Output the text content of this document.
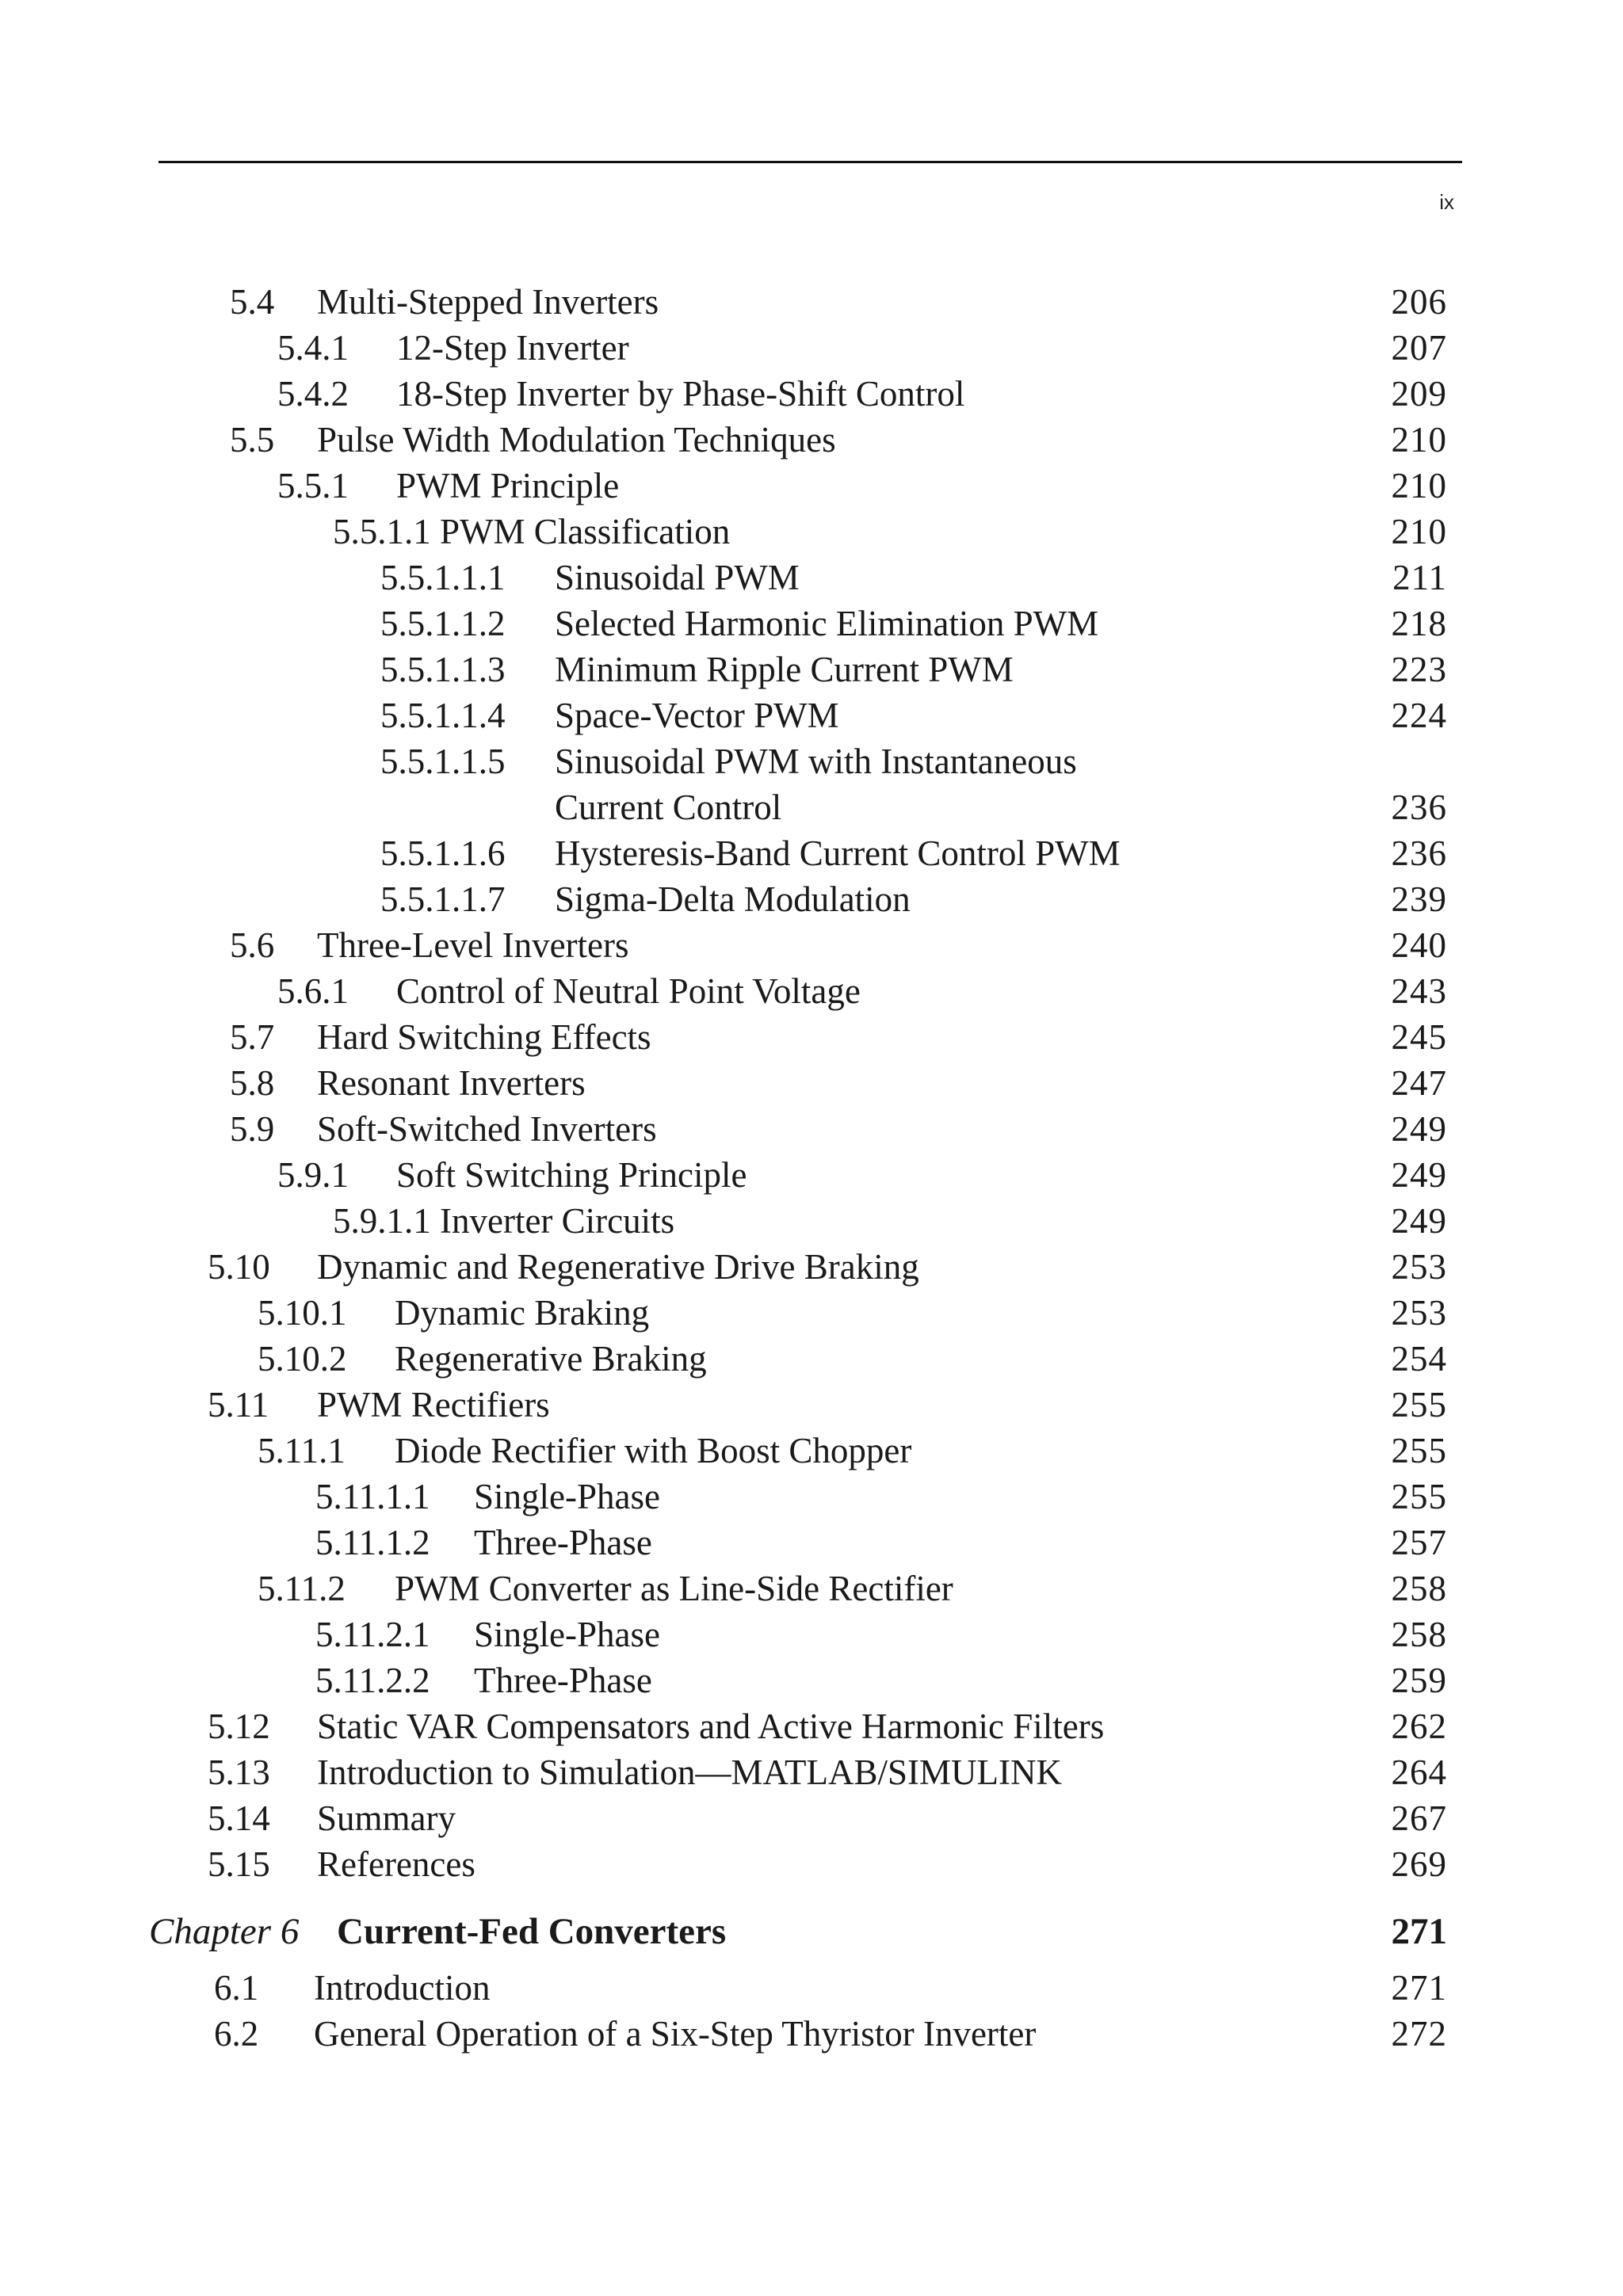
ix
5.4 Multi-Stepped Inverters	206
5.4.1 12-Step Inverter	207
5.4.2 18-Step Inverter by Phase-Shift Control	209
5.5 Pulse Width Modulation Techniques	210
5.5.1 PWM Principle	210
5.5.1.1 PWM Classification	210
5.5.1.1.1 Sinusoidal PWM	211
5.5.1.1.2 Selected Harmonic Elimination PWM	218
5.5.1.1.3 Minimum Ripple Current PWM	223
5.5.1.1.4 Space-Vector PWM	224
5.5.1.1.5 Sinusoidal PWM with Instantaneous
Current Control	236
5.5.1.1.6 Hysteresis-Band Current Control PWM	236
5.5.1.1.7 Sigma-Delta Modulation	239
5.6 Three-Level Inverters	240
5.6.1 Control of Neutral Point Voltage	243
5.7 Hard Switching Effects	245
5.8 Resonant Inverters	247
5.9 Soft-Switched Inverters	249
5.9.1 Soft Switching Principle	249
5.9.1.1 Inverter Circuits	249
5.10 Dynamic and Regenerative Drive Braking	253
5.10.1 Dynamic Braking	253
5.10.2 Regenerative Braking	254
5.11 PWM Rectifiers	255
5.11.1 Diode Rectifier with Boost Chopper	255
5.11.1.1 Single-Phase	255
5.11.1.2 Three-Phase	257
5.11.2 PWM Converter as Line-Side Rectifier	258
5.11.2.1 Single-Phase	258
5.11.2.2 Three-Phase	259
5.12 Static VAR Compensators and Active Harmonic Filters	262
5.13 Introduction to Simulation—MATLAB/SIMULINK	264
5.14 Summary	267
5.15 References	269
Chapter 6 Current-Fed Converters	271
6.1 Introduction	271
6.2 General Operation of a Six-Step Thyristor Inverter	272
